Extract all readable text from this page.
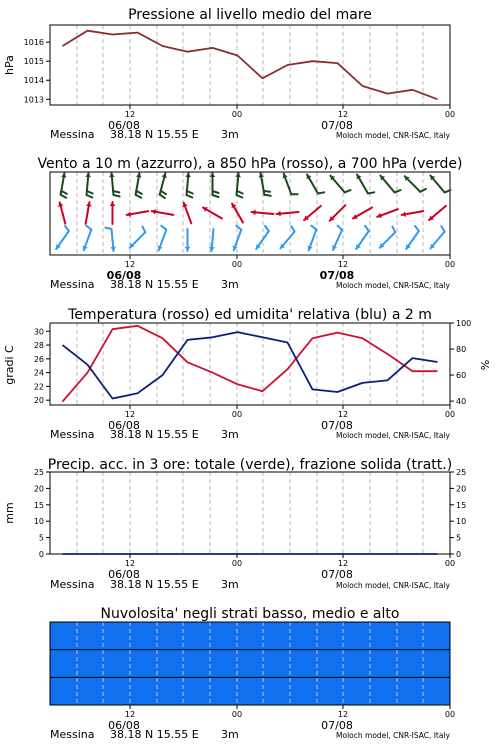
Pressione al livello medio del mare
1013
1014
1015
1016
hPa
12	00	12	00
06/08	07/08
Messina 38.18 N 15.55 E 3m	Moloch model, CNR-ISAC, Italy
Vento a 10 m (azzurro), a 850 hPa (rosso), a 700 hPa (verde)
12	00	12	00
06/08	07/08
Messina 38.18 N 15.55 E 3m	Moloch model, CNR-ISAC, Italy
Temperatura (rosso) ed umidita' relativa (blu) a 2 m
20
22
24
26
28
30
40
60
80
100
gradi C	%
12	00	12	00
06/08	07/08
Messina 38.18 N 15.55 E 3m	Moloch model, CNR-ISAC, Italy
Precip. acc. in 3 ore: totale (verde), frazione solida (tratt.)
0
5
10
15
20
25
0
5
10
15
20
25
mm
12	00	12	00
06/08	07/08
Messina 38.18 N 15.55 E 3m	Moloch model, CNR-ISAC, Italy
Nuvolosita' negli strati basso, medio e alto
12	00	12	00
06/08	07/08
Messina 38.18 N 15.55 E 3m	Moloch model, CNR-ISAC, Italy
